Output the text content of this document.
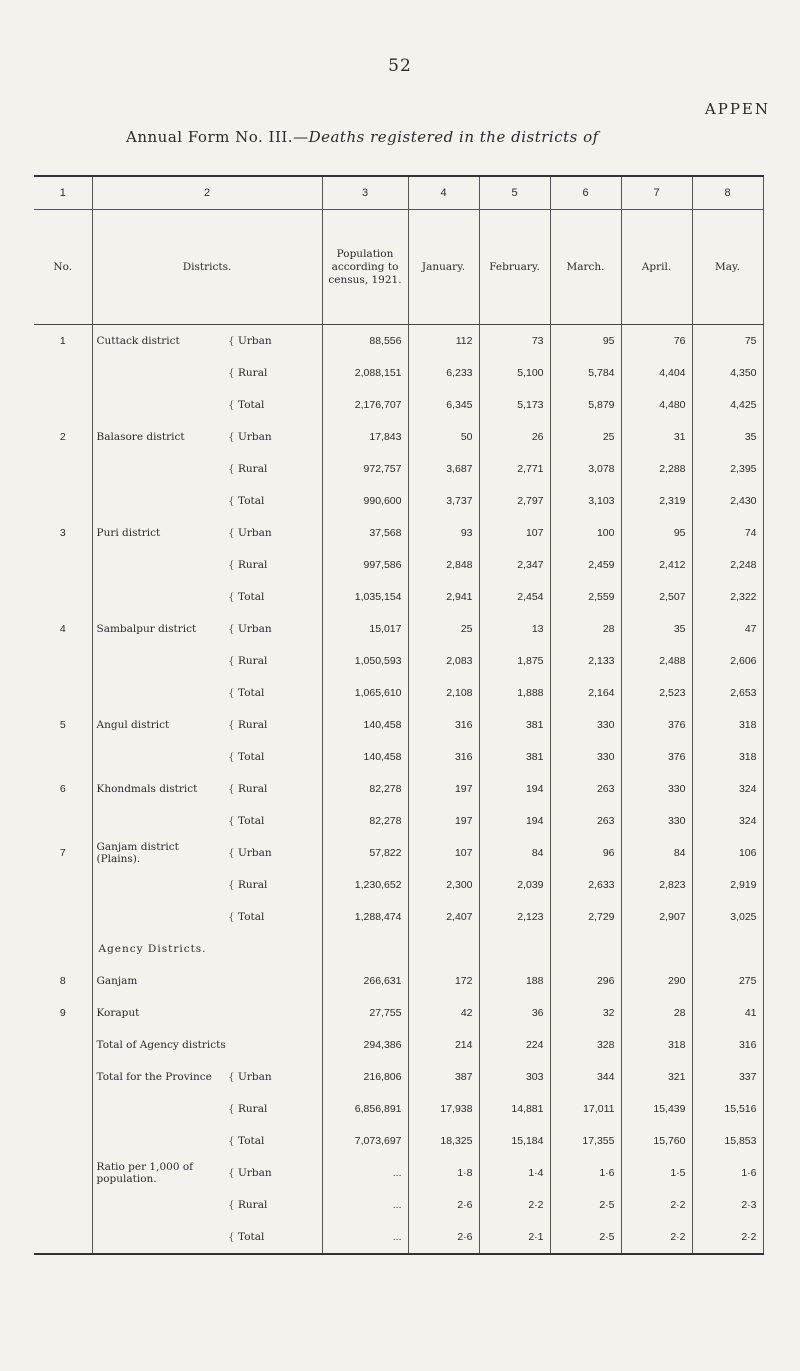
52
APPEN
Annual Form No. III.—Deaths registered in the districts of
1	2		3	4	5	6	7	8
No.	Districts.		Population according to census, 1921.	January.	February.	March.	April.	May.
1	Cuttack district	{ Urban	88,556	112	73	95	76	75
		{ Rural	2,088,151	6,233	5,100	5,784	4,404	4,350
		{ Total	2,176,707	6,345	5,173	5,879	4,480	4,425
2	Balasore district	{ Urban	17,843	50	26	25	31	35
		{ Rural	972,757	3,687	2,771	3,078	2,288	2,395
		{ Total	990,600	3,737	2,797	3,103	2,319	2,430
3	Puri district	{ Urban	37,568	93	107	100	95	74
		{ Rural	997,586	2,848	2,347	2,459	2,412	2,248
		{ Total	1,035,154	2,941	2,454	2,559	2,507	2,322
4	Sambalpur district	{ Urban	15,017	25	13	28	35	47
		{ Rural	1,050,593	2,083	1,875	2,133	2,488	2,606
		{ Total	1,065,610	2,108	1,888	2,164	2,523	2,653
5	Angul district	{ Rural	140,458	316	381	330	376	318
		{ Total	140,458	316	381	330	376	318
6	Khondmals district	{ Rural	82,278	197	194	263	330	324
		{ Total	82,278	197	194	263	330	324
7	Ganjam district (Plains).	{ Urban	57,822	107	84	96	84	106
		{ Rural	1,230,652	2,300	2,039	2,633	2,823	2,919
		{ Total	1,288,474	2,407	2,123	2,729	2,907	3,025
	Agency Districts.							
8	Ganjam		266,631	172	188	296	290	275
9	Koraput		27,755	42	36	32	28	41
	Total of Agency districts		294,386	214	224	328	318	316
	Total for the Province	{ Urban	216,806	387	303	344	321	337
		{ Rural	6,856,891	17,938	14,881	17,011	15,439	15,516
		{ Total	7,073,697	18,325	15,184	17,355	15,760	15,853
	Ratio per 1,000 of population.	{ Urban	...	1·8	1·4	1·6	1·5	1·6
		{ Rural	...	2·6	2·2	2·5	2·2	2·3
		{ Total	...	2·6	2·1	2·5	2·2	2·2
